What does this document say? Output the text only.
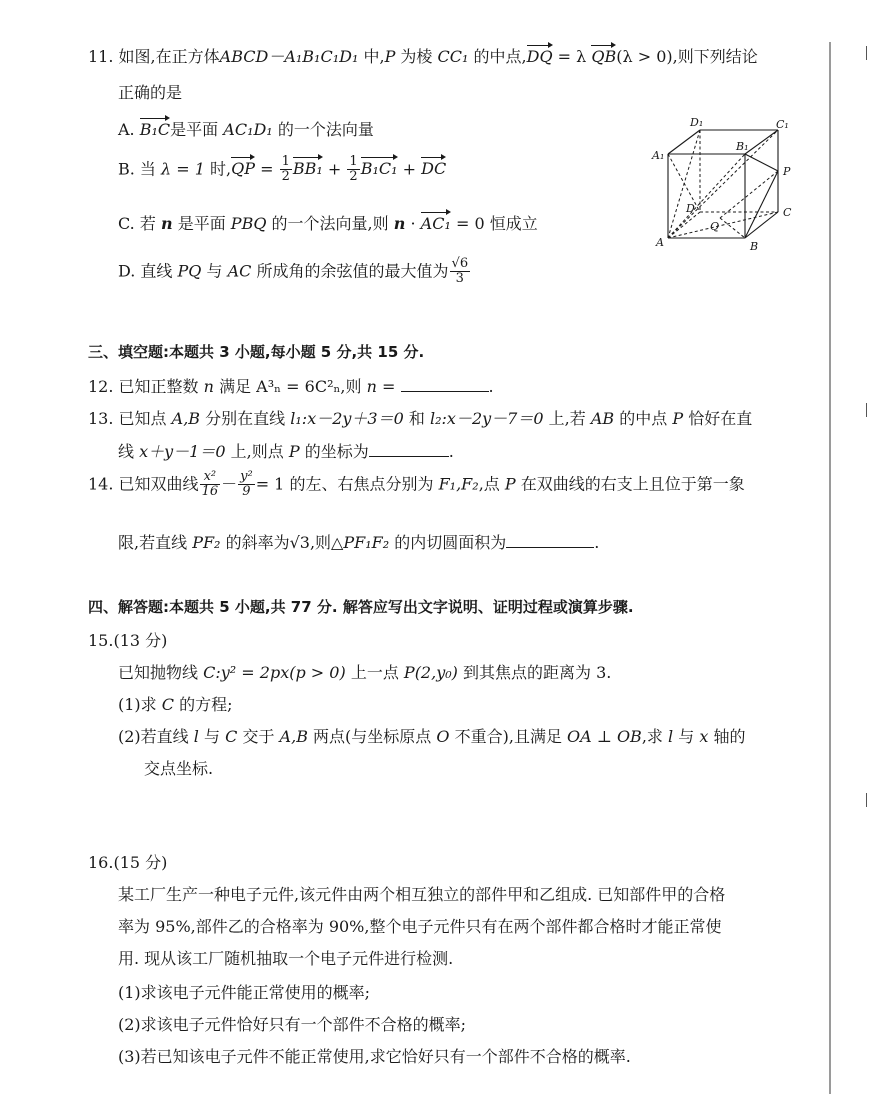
11. 如图,在正方体ABCD－A₁B₁C₁D₁ 中,P 为棱 CC₁ 的中点,DQ = λ QB(λ > 0),则下列结论
正确的是
A. B₁C是平面 AC₁D₁ 的一个法向量
B. 当 λ = 1 时$,QP = \frac{1}{2} BB_1 + \frac{1}{2} B_1C_1$ + DC
C. 若 n 是平面 PBQ 的一个法向量,则 n · AC₁ = 0 恒成立
D. 直线 PQ 与 AC 所成角的余弦值的最大值为 $\frac{√6}{3}$
D₁	C₁
A₁
B₁
P
D
Q
C
A	B
三、填空题:本题共 3 小题,每小题 5 分,共 15 分.
12. 已知正整数 n 满足 A³ₙ = 6C²ₙ,则 n =	.
13. 已知点 A,B 分别在直线 l₁:x－2y＋3＝0 和 l₂:x－2y－7＝0 上,若 AB 的中点 P 恰好在直
线 x＋y－1＝0 上,则点 P 的坐标为	.
14. 已知双曲线 $\frac{\text{x²}}{16} - \frac{\text{y²}}{9} = 1$ 的左、右焦点分别为 F₁,F₂,点 P 在双曲线的右支上且位于第一象
限,若直线 PF₂ 的斜率为√3,则△PF₁F₂ 的内切圆面积为	.
四、解答题:本题共 5 小题,共 77 分. 解答应写出文字说明、证明过程或演算步骤.
15.(13 分)
已知抛物线 C:y² = 2px(p > 0) 上一点 P(2,y₀) 到其焦点的距离为 3.
(1)求 C 的方程;
(2)若直线 l 与 C 交于 A,B 两点(与坐标原点 O 不重合),且满足 OA ⊥ OB,求 l 与 x 轴的
交点坐标.
16.(15 分)
某工厂生产一种电子元件,该元件由两个相互独立的部件甲和乙组成. 已知部件甲的合格
率为 95%,部件乙的合格率为 90%,整个电子元件只有在两个部件都合格时才能正常使
用. 现从该工厂随机抽取一个电子元件进行检测.
(1)求该电子元件能正常使用的概率;
(2)求该电子元件恰好只有一个部件不合格的概率;
(3)若已知该电子元件不能正常使用,求它恰好只有一个部件不合格的概率.
